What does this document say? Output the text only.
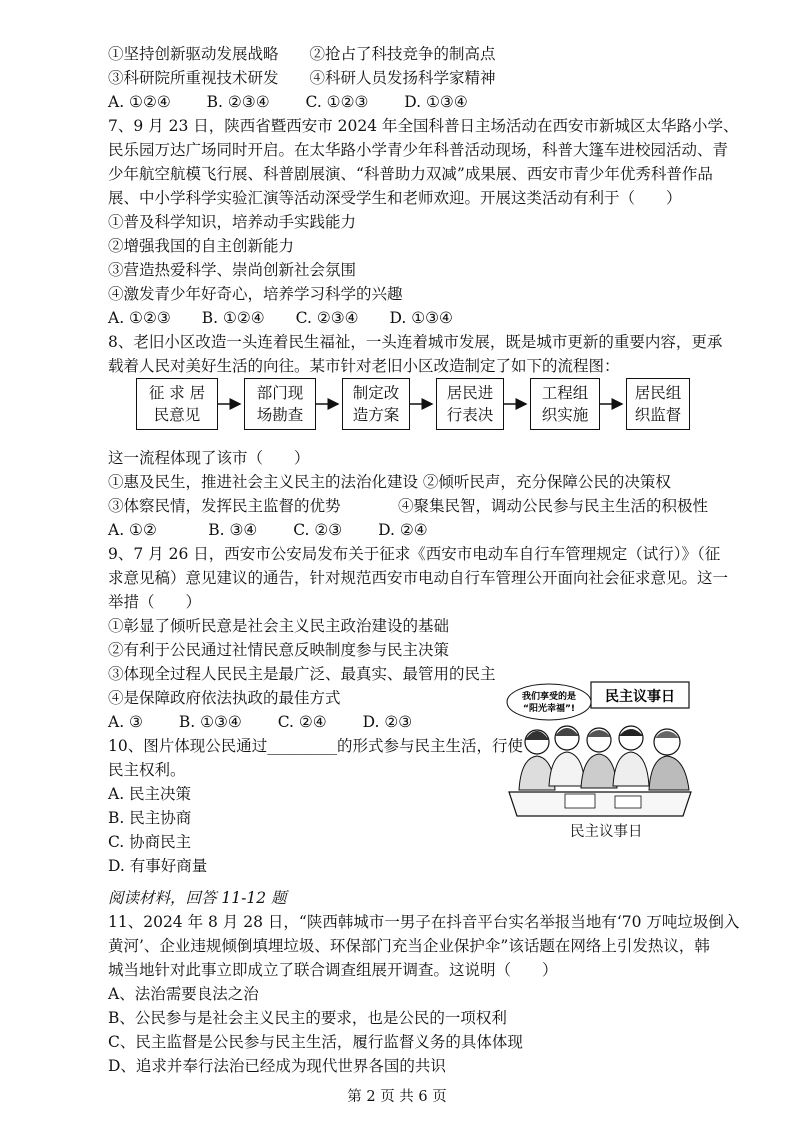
①坚持创新驱动发展战略　　②抢占了科技竞争的制高点
③科研院所重视技术研发　　④科研人员发扬科学家精神
A. ①②④　　 B. ②③④　　 C. ①②③　　 D. ①③④
7、9 月 23 日，陕西省暨西安市 2024 年全国科普日主场活动在西安市新城区太华路小学、
民乐园万达广场同时开启。在太华路小学青少年科普活动现场，科普大篷车进校园活动、青
少年航空航模飞行展、科普剧展演、“科普助力双减”成果展、西安市青少年优秀科普作品
展、中小学科学实验汇演等活动深受学生和老师欢迎。开展这类活动有利于（　　）
①普及科学知识，培养动手实践能力
②增强我国的自主创新能力
③营造热爱科学、崇尚创新社会氛围
④激发青少年好奇心，培养学习科学的兴趣
A. ①②③　　B. ①②④　　C. ②③④　　D. ①③④
8、老旧小区改造一头连着民生福祉，一头连着城市发展，既是城市更新的重要内容，更承
征 求 居
民意见
部门现
场勘查
制定改
造方案
居民进
行表决
工程组
织实施
居民组
织监督
这一流程体现了该市（　　）
①惠及民生，推进社会主义民主的法治化建设 ②倾听民声，充分保障公民的决策权
③体察民情，发挥民主监督的优势	④聚集民智，调动公民参与民主生活的积极性
A. ①②　　　 B. ③④　　 C. ②③　　 D. ②④
9、7 月 26 日，西安市公安局发布关于征求《西安市电动车自行车管理规定（试行）》（征
求意见稿）意见建议的通告，针对规范西安市电动自行车管理公开面向社会征求意见。这一
举措（　　）
①彰显了倾听民意是社会主义民主政治建设的基础
②有利于公民通过社情民意反映制度参与民主决策
③体现全过程人民民主是最广泛、最真实、最管用的民主
④是保障政府依法执政的最佳方式
A. ③　　 B. ①③④　　 C. ②④　　 D. ②③
10、图片体现公民通过_________的形式参与民主生活，行使
民主权利。
A. 民主决策
B. 民主协商
C. 协商民主
D. 有事好商量
民主议事日
我们享受的是
“阳光幸福”!
民主议事日
阅读材料，回答 11-12 题
11、2024 年 8 月 28 日，“陕西韩城市一男子在抖音平台实名举报当地有‘70 万吨垃圾倒入
黄河’、企业违规倾倒填埋垃圾、环保部门充当企业保护伞”该话题在网络上引发热议，韩
城当地针对此事立即成立了联合调查组展开调查。这说明（　　）
A、法治需要良法之治
B、公民参与是社会主义民主的要求，也是公民的一项权利
C、民主监督是公民参与民主生活，履行监督义务的具体体现
D、追求并奉行法治已经成为现代世界各国的共识
第 2 页 共 6 页
载着人民对美好生活的向往。某市针对老旧小区改造制定了如下的流程图：
